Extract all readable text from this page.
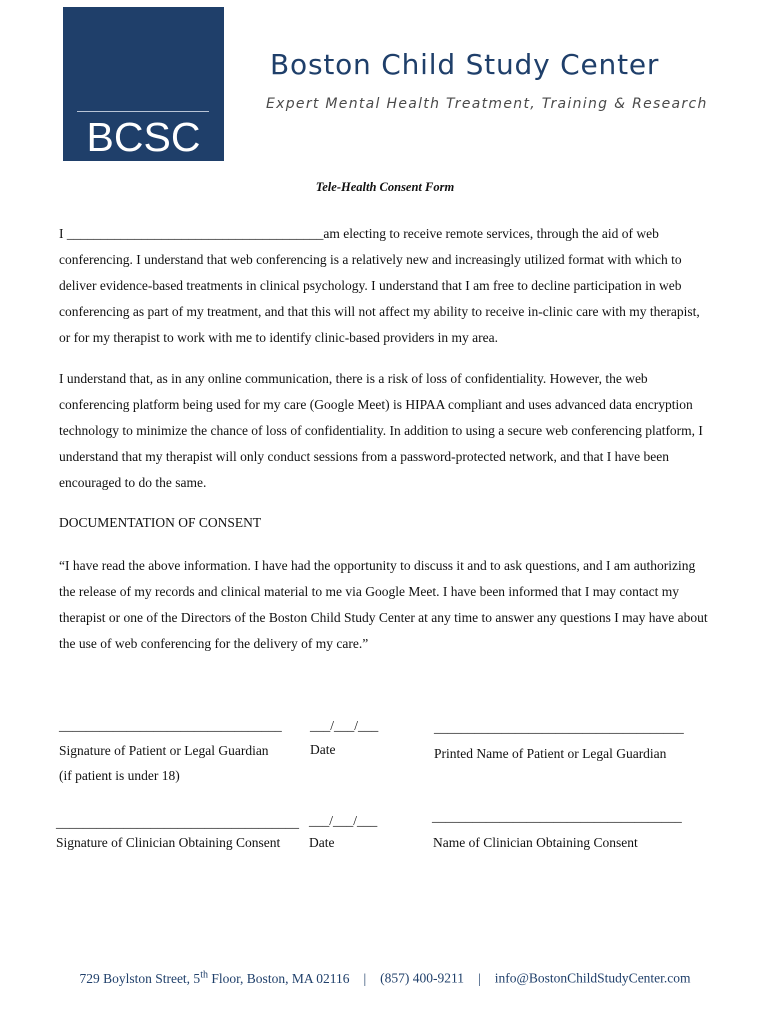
BCSC
Boston Child Study Center
Expert Mental Health Treatment, Training & Research
Tele-Health Consent Form

I ______________________________________am electing to receive remote services, through the aid of web conferencing. I understand that web conferencing is a relatively new and increasingly utilized format with which to deliver evidence-based treatments in clinical psychology. I understand that I am free to decline participation in web conferencing as part of my treatment, and that this will not affect my ability to receive in-clinic care with my therapist, or for my therapist to work with me to identify clinic-based providers in my area.

I understand that, as in any online communication, there is a risk of loss of confidentiality. However, the web conferencing platform being used for my care (Google Meet) is HIPAA compliant and uses advanced data encryption technology to minimize the chance of loss of confidentiality. In addition to using a secure web conferencing platform, I understand that my therapist will only conduct sessions from a password-protected network, and that I have been encouraged to do the same.

DOCUMENTATION OF CONSENT

“I have read the above information. I have had the opportunity to discuss it and to ask questions, and I am authorizing the release of my records and clinical material to me via Google Meet. I have been informed that I may contact my therapist or one of the Directors of the Boston Child Study Center at any time to answer any questions I may have about the use of web conferencing for the delivery of my care.”

_________________________________ ___/___/___	_____________________________________
Signature of Patient or Legal Guardian
(if patient is under 18)
Date	Printed Name of Patient or Legal Guardian
____________________________________ ___/___/___	_____________________________________
Signature of Clinician Obtaining Consent Date	Name of Clinician Obtaining Consent
729 Boylston Street, 5th Floor, Boston, MA 02116 | (857) 400-9211 | info@BostonChildStudyCenter.com
